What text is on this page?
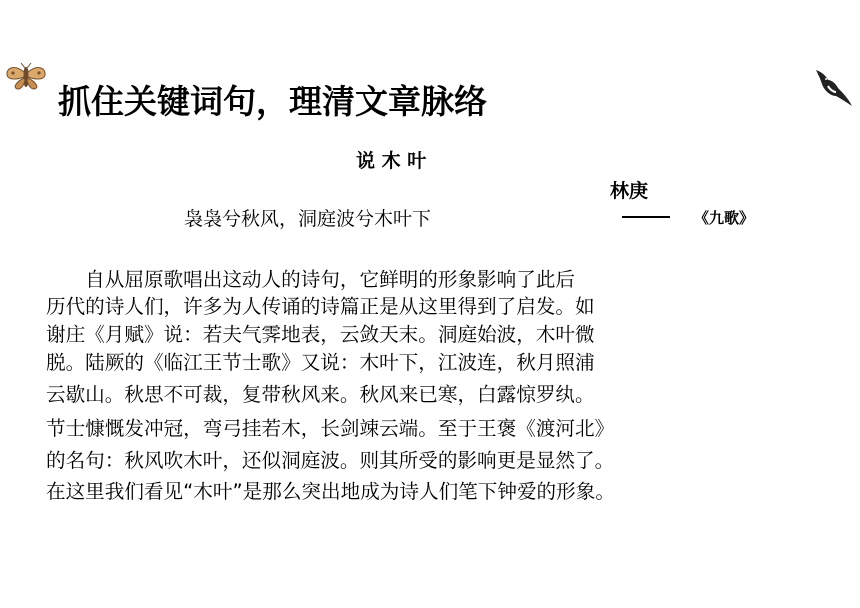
抓住关键词句，理清文章脉络
说 木 叶
林庚
袅袅兮秋风，洞庭波兮木叶下	《九歌》
　　自从屈原歌唱出这动人的诗句，它鲜明的形象影响了此后
历代的诗人们，许多为人传诵的诗篇正是从这里得到了启发。如
谢庄《月赋》说：若夫气霁地表，云敛天末。洞庭始波，木叶微
脱。陆厥的《临江王节士歌》又说：木叶下，江波连，秋月照浦
云歇山。秋思不可裁，复带秋风来。秋风来已寒，白露惊罗纨。
节士慷慨发冲冠，弯弓挂若木，长剑竦云端。至于王褒《渡河北》
的名句：秋风吹木叶，还似洞庭波。则其所受的影响更是显然了。
在这里我们看见“木叶”是那么突出地成为诗人们笔下钟爱的形象。
